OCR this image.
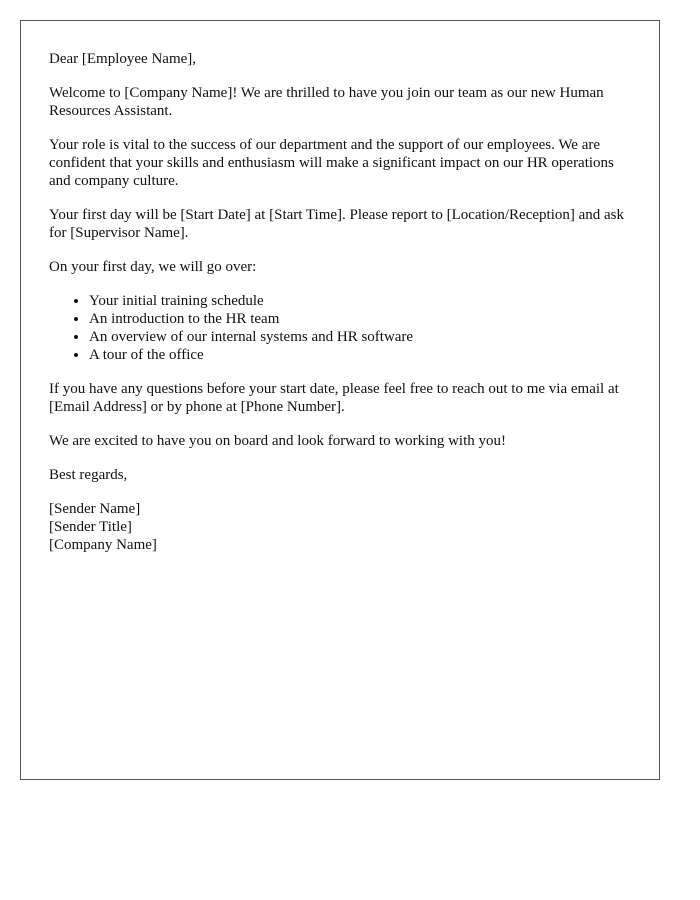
Dear [Employee Name],

Welcome to [Company Name]! We are thrilled to have you join our team as our new Human Resources Assistant.

Your role is vital to the success of our department and the support of our employees. We are confident that your skills and enthusiasm will make a significant impact on our HR operations and company culture.

Your first day will be [Start Date] at [Start Time]. Please report to [Location/Reception] and ask for [Supervisor Name].

On your first day, we will go over:

• Your initial training schedule
• An introduction to the HR team
• An overview of our internal systems and HR software
• A tour of the office

If you have any questions before your start date, please feel free to reach out to me via email at [Email Address] or by phone at [Phone Number].

We are excited to have you on board and look forward to working with you!

Best regards,

[Sender Name]
[Sender Title]
[Company Name]
